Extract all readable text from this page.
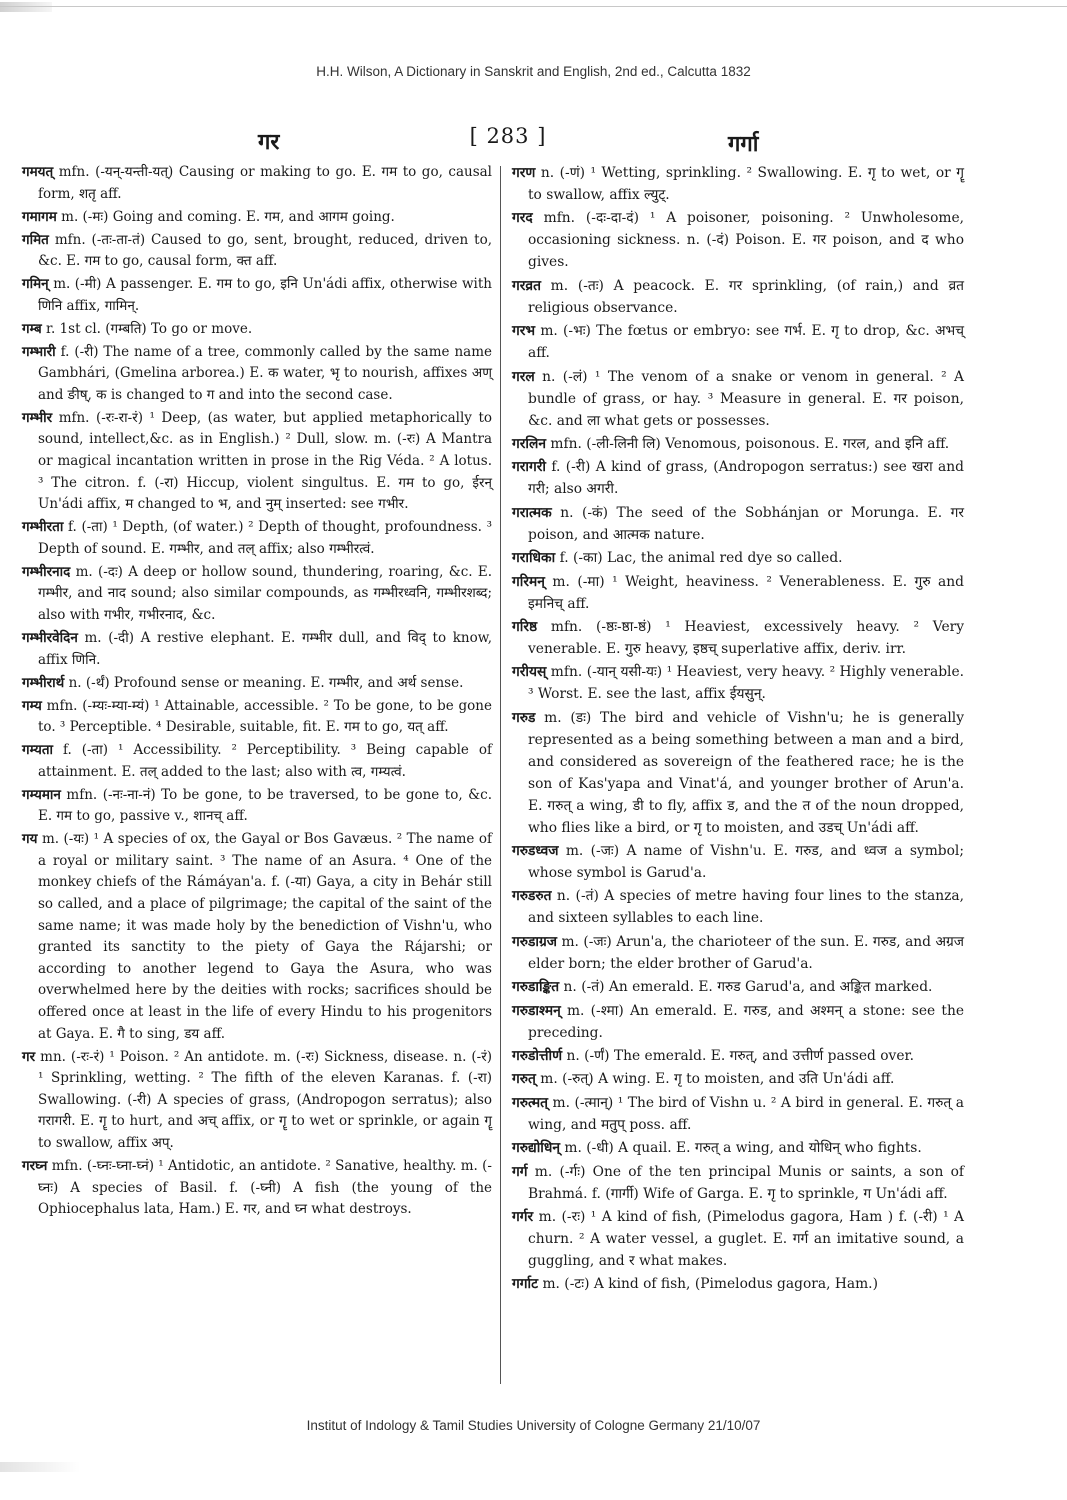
H.H. Wilson, A Dictionary in Sanskrit and English, 2nd ed., Calcutta 1832
गर	[ 283 ]	गर्गा

गमयत् mfn. (-यन्-यन्ती-यत्) Causing or making to go. E. गम to go, causal form, शतृ aff.

गमागम m. (-मः) Going and coming. E. गम, and आगम going.

गमित mfn. (-तः-ता-तं) Caused to go, sent, brought, reduced, driven to, &c. E. गम to go, causal form, क्त aff.

गमिन् m. (-मी) A passenger. E. गम to go, इनि Un'ádi affix, otherwise with णिनि affix, गामिन्.

गम्ब r. 1st cl. (गम्बति) To go or move.

गम्भारी f. (-री) The name of a tree, commonly called by the same name Gambhári, (Gmelina arborea.) E. क water, भृ to nourish, affixes अण् and ङीष्, क is changed to ग and into the second case.

गम्भीर mfn. (-रः-रा-रं) ¹ Deep, (as water, but applied metaphorically to sound, intellect,&c. as in English.) ² Dull, slow. m. (-रः) A Mantra or magical incantation written in prose in the Rig Véda. ² A lotus. ³ The citron. f. (-रा) Hiccup, violent singultus. E. गम to go, ईरन् Un'ádi affix, म changed to भ, and नुम् inserted: see गभीर.

गम्भीरता f. (-ता) ¹ Depth, (of water.) ² Depth of thought, profoundness. ³ Depth of sound. E. गम्भीर, and तल् affix; also गम्भीरत्वं.

गम्भीरनाद m. (-दः) A deep or hollow sound, thundering, roaring, &c. E. गम्भीर, and नाद sound; also similar compounds, as गम्भीरध्वनि, गम्भीरशब्द; also with गभीर, गभीरनाद, &c.

गम्भीरवेदिन m. (-दी) A restive elephant. E. गम्भीर dull, and विद् to know, affix णिनि.

गम्भीरार्थ n. (-र्थं) Profound sense or meaning. E. गम्भीर, and अर्थ sense.

गम्य mfn. (-म्यः-म्या-म्यं) ¹ Attainable, accessible. ² To be gone, to be gone to. ³ Perceptible. ⁴ Desirable, suitable, fit. E. गम to go, यत् aff.

गम्यता f. (-ता) ¹ Accessibility. ² Perceptibility. ³ Being capable of attainment. E. तल् added to the last; also with त्व, गम्यत्वं.

गम्यमान mfn. (-नः-ना-नं) To be gone, to be traversed, to be gone to, &c. E. गम to go, passive v., शानच् aff.

गय m. (-यः) ¹ A species of ox, the Gayal or Bos Gavæus. ² The name of a royal or military saint. ³ The name of an Asura. ⁴ One of the monkey chiefs of the Rámáyan'a. f. (-या) Gaya, a city in Behár still so called, and a place of pilgrimage; the capital of the saint of the same name; it was made holy by the benediction of Vishn'u, who granted its sanctity to the piety of Gaya the Rájarshi; or according to another legend to Gaya the Asura, who was overwhelmed here by the deities with rocks; sacrifices should be offered once at least in the life of every Hindu to his progenitors at Gaya. E. गै to sing, डय aff.

गर mn. (-रः-रं) ¹ Poison. ² An antidote. m. (-रः) Sickness, disease. n. (-रं) ¹ Sprinkling, wetting. ² The fifth of the eleven Karanas. f. (-रा) Swallowing. (-री) A species of grass, (Andropogon serratus); also गरागरी. E. गॄ to hurt, and अच् affix, or गॄ to wet or sprinkle, or again गॄ to swallow, affix अप्.

गरघ्न mfn. (-घ्नः-घ्ना-घ्नं) ¹ Antidotic, an antidote. ² Sanative, healthy. m. (-घ्नः) A species of Basil. f. (-घ्नी) A fish (the young of the Ophiocephalus lata, Ham.) E. गर, and घ्न what destroys.

गरण n. (-णं) ¹ Wetting, sprinkling. ² Swallowing. E. गृ to wet, or गॄ to swallow, affix ल्युट्.

गरद mfn. (-दः-दा-दं) ¹ A poisoner, poisoning. ² Unwholesome, occasioning sickness. n. (-दं) Poison. E. गर poison, and द who gives.

गरव्रत m. (-तः) A peacock. E. गर sprinkling, (of rain,) and व्रत religious observance.

गरभ m. (-भः) The fœtus or embryo: see गर्भ. E. गृ to drop, &c. अभच् aff.

गरल n. (-लं) ¹ The venom of a snake or venom in general. ² A bundle of grass, or hay. ³ Measure in general. E. गर poison, &c. and ला what gets or possesses.

गरलिन mfn. (-ली-लिनी लि) Venomous, poisonous. E. गरल, and इनि aff.

गरागरी f. (-री) A kind of grass, (Andropogon serratus:) see खरा and गरी; also अगरी.

गरात्मक n. (-कं) The seed of the Sobhánjan or Morunga. E. गर poison, and आत्मक nature.

गराधिका f. (-का) Lac, the animal red dye so called.

गरिमन् m. (-मा) ¹ Weight, heaviness. ² Venerableness. E. गुरु and इमनिच् aff.

गरिष्ठ mfn. (-ष्ठः-ष्ठा-ष्ठं) ¹ Heaviest, excessively heavy. ² Very venerable. E. गुरु heavy, इष्ठच् superlative affix, deriv. irr.

गरीयस् mfn. (-यान् यसी-यः) ¹ Heaviest, very heavy. ² Highly venerable. ³ Worst. E. see the last, affix ईयसुन्.

गरुड m. (डः) The bird and vehicle of Vishn'u; he is generally represented as a being something between a man and a bird, and considered as sovereign of the feathered race; he is the son of Kas'yapa and Vinat'á, and younger brother of Arun'a. E. गरुत् a wing, डी to fly, affix ड, and the त of the noun dropped, who flies like a bird, or गृ to moisten, and उडच् Un'ádi aff.

गरुडध्वज m. (-जः) A name of Vishn'u. E. गरुड, and ध्वज a symbol; whose symbol is Garud'a.

गरुडरुत n. (-तं) A species of metre having four lines to the stanza, and sixteen syllables to each line.

गरुडाग्रज m. (-जः) Arun'a, the charioteer of the sun. E. गरुड, and अग्रज elder born; the elder brother of Garud'a.

गरुडाङ्कित n. (-तं) An emerald. E. गरुड Garud'a, and अङ्कित marked.

गरुडाश्मन् m. (-श्मा) An emerald. E. गरुड, and अश्मन् a stone: see the preceding.

गरुडोत्तीर्ण n. (-र्णं) The emerald. E. गरुत्, and उत्तीर्ण passed over.

गरुत् m. (-रुत्) A wing. E. गृ to moisten, and उति Un'ádi aff.

गरुत्मत् m. (-त्मान्) ¹ The bird of Vishn u. ² A bird in general. E. गरुत् a wing, and मतुप् poss. aff.

गरुद्योधिन् m. (-धी) A quail. E. गरुत् a wing, and योधिन् who fights.

गर्ग m. (-र्गः) One of the ten principal Munis or saints, a son of Brahmá. f. (गार्गी) Wife of Garga. E. गृ to sprinkle, ग Un'ádi aff.

गर्गर m. (-रः) ¹ A kind of fish, (Pimelodus gagora, Ham ) f. (-री) ¹ A churn. ² A water vessel, a guglet. E. गर्ग an imitative sound, a guggling, and र what makes.

गर्गाट m. (-टः) A kind of fish, (Pimelodus gagora, Ham.)

Institut of Indology & Tamil Studies University of Cologne Germany 21/10/07
